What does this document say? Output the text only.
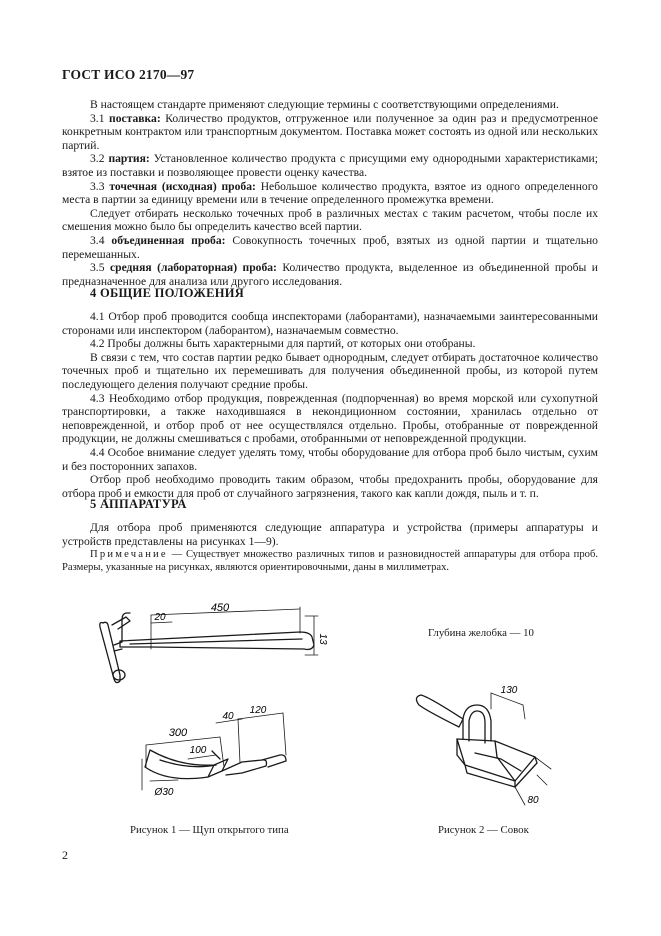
ГОСТ ИСО 2170—97

В настоящем стандарте применяют следующие термины с соответствующими определениями.

3.1 поставка: Количество продуктов, отгруженное или полученное за один раз и предусмотренное конкретным контрактом или транспортным документом. Поставка может состоять из одной или нескольких партий.

3.2 партия: Установленное количество продукта с присущими ему однородными характеристиками; взятое из поставки и позволяющее провести оценку качества.

3.3 точечная (исходная) проба: Небольшое количество продукта, взятое из одного определенного места в партии за единицу времени или в течение определенного промежутка времени.

Следует отбирать несколько точечных проб в различных местах с таким расчетом, чтобы после их смешения можно было бы определить качество всей партии.

3.4 объединенная проба: Совокупность точечных проб, взятых из одной партии и тщательно перемешанных.

3.5 средняя (лабораторная) проба: Количество продукта, выделенное из объединенной пробы и предназначенное для анализа или другого исследования.

4 ОБЩИЕ ПОЛОЖЕНИЯ

4.1 Отбор проб проводится сообща инспекторами (лаборантами), назначаемыми заинтересованными сторонами или инспектором (лаборантом), назначаемым совместно.

4.2 Пробы должны быть характерными для партий, от которых они отобраны.

В связи с тем, что состав партии редко бывает однородным, следует отбирать достаточное количество точечных проб и тщательно их перемешивать для получения объединенной пробы, из которой путем последующего деления получают средние пробы.

4.3 Необходимо отбор продукция, поврежденная (подпорченная) во время морской или сухопутной транспортировки, а также находившаяся в некондиционном состоянии, хранилась отдельно от неповрежденной, и отбор проб от нее осуществлялся отдельно. Пробы, отобранные от поврежденной продукции, не должны смешиваться с пробами, отобранными от неповрежденной продукции.

4.4 Особое внимание следует уделять тому, чтобы оборудование для отбора проб было чистым, сухим и без посторонних запахов.

Отбор проб необходимо проводить таким образом, чтобы предохранить пробы, оборудование для отбора проб и емкости для проб от случайного загрязнения, такого как капли дождя, пыль и т. п.

5 АППАРАТУРА

Для отбора проб применяются следующие аппаратура и устройства (примеры аппаратуры и устройств представлены на рисунках 1—9).

Примечание — Существует множество различных типов и разновидностей аппаратуры для отбора проб. Размеры, указанные на рисунках, являются ориентировочными, даны в миллиметрах.

450
20
13
300
40
120
100
Ø30
130
80
Глубина желобка — 10
Рисунок 1 — Щуп открытого типа	Рисунок 2 — Совок
2
